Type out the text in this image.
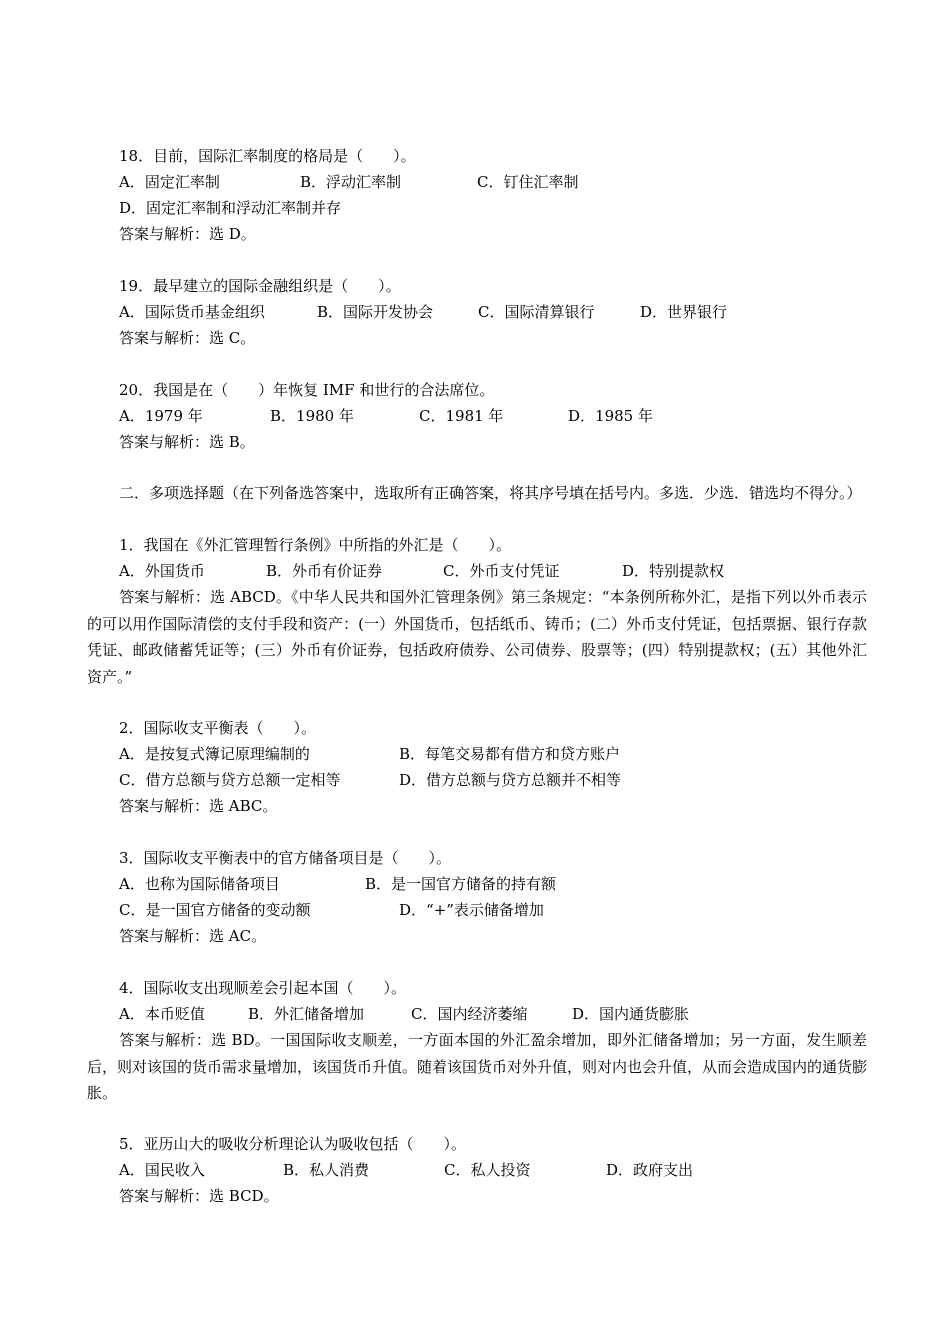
18．目前，国际汇率制度的格局是（　　）。
A．固定汇率制	B．浮动汇率制	C．钉住汇率制
D．固定汇率制和浮动汇率制并存
答案与解析：选 D。
19．最早建立的国际金融组织是（　　）。
A．国际货币基金组织	B．国际开发协会	C．国际清算银行	D．世界银行
答案与解析：选 C。
20．我国是在（　　）年恢复 IMF 和世行的合法席位。
A．1979 年	B．1980 年	C．1981 年	D．1985 年
答案与解析：选 B。
二．多项选择题（在下列备选答案中，选取所有正确答案，将其序号填在括号内。多选．少选．错选均不得分。）
1．我国在《外汇管理暂行条例》中所指的外汇是（　　）。
A．外国货币	B．外币有价证券	C．外币支付凭证	D．特别提款权
答案与解析：选 ABCD。《中华人民共和国外汇管理条例》第三条规定：“本条例所称外汇，是指下列以外币表示的可以用作国际清偿的支付手段和资产：(一）外国货币，包括纸币、铸币；(二）外币支付凭证，包括票据、银行存款凭证、邮政储蓄凭证等；(三）外币有价证券，包括政府债券、公司债券、股票等；(四）特别提款权；(五）其他外汇资产。”
2．国际收支平衡表（　　）。
A．是按复式簿记原理编制的	B．每笔交易都有借方和贷方账户
C．借方总额与贷方总额一定相等	D．借方总额与贷方总额并不相等
答案与解析：选 ABC。
3．国际收支平衡表中的官方储备项目是（　　）。
A．也称为国际储备项目	B．是一国官方储备的持有额
C．是一国官方储备的变动额	D．“+”表示储备增加
答案与解析：选 AC。
4．国际收支出现顺差会引起本国（　　）。
A．本币贬值	B．外汇储备增加	C．国内经济萎缩	D．国内通货膨胀
答案与解析：选 BD。一国国际收支顺差，一方面本国的外汇盈余增加，即外汇储备增加；另一方面，发生顺差后，则对该国的货币需求量增加，该国货币升值。随着该国货币对外升值，则对内也会升值，从而会造成国内的通货膨胀。
5．亚历山大的吸收分析理论认为吸收包括（　　）。
A．国民收入	B．私人消费	C．私人投资	D．政府支出
答案与解析：选 BCD。
